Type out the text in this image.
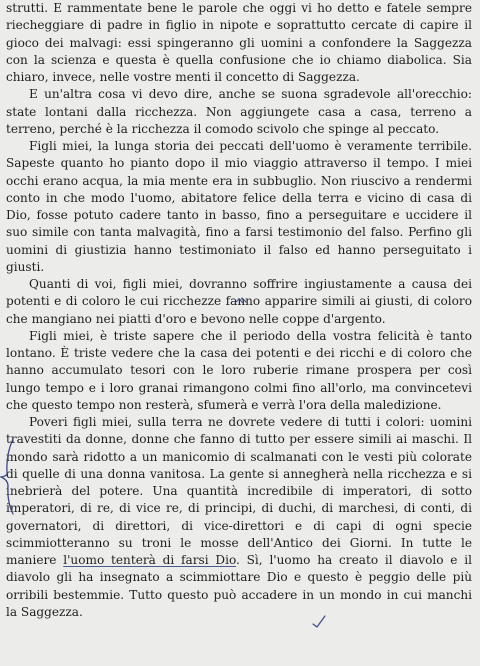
strutti. E rammentate bene le parole che oggi vi ho detto e fatele sempre riecheggiare di padre in figlio in nipote e soprattutto cercate di capire il gioco dei malvagi: essi spingeranno gli uomini a confondere la Saggezza con la scienza e questa è quella confusione che io chiamo diabolica. Sia chiaro, invece, nelle vostre menti il concetto di Saggezza.

E un'altra cosa vi devo dire, anche se suona sgradevole all'orecchio: state lontani dalla ricchezza. Non aggiungete casa a casa, terreno a terreno, perché è la ricchezza il comodo scivolo che spinge al peccato.

Figli miei, la lunga storia dei peccati dell'uomo è veramente terribile. Sapeste quanto ho pianto dopo il mio viaggio attraverso il tempo. I miei occhi erano acqua, la mia mente era in subbuglio. Non riuscivo a rendermi conto in che modo l'uomo, abitatore felice della terra e vicino di casa di Dio, fosse potuto cadere tanto in basso, fino a perseguitare e uccidere il suo simile con tanta malvagità, fino a farsi testimonio del falso. Perfino gli uomini di giustizia hanno testimoniato il falso ed hanno perseguitato i giusti.

Quanti di voi, figli miei, dovranno soffrire ingiustamente a causa dei potenti e di coloro le cui ricchezze fanno apparire simili ai giusti, di coloro che mangiano nei piatti d'oro e bevono nelle coppe d'argento.

Figli miei, è triste sapere che il periodo della vostra felicità è tanto lontano. È triste vedere che la casa dei potenti e dei ricchi e di coloro che hanno accumulato tesori con le loro ruberie rimane prospera per così lungo tempo e i loro granai rimangono colmi fino all'orlo, ma convincetevi che questo tempo non resterà, sfumerà e verrà l'ora della maledizione.

Poveri figli miei, sulla terra ne dovrete vedere di tutti i colori: uomini travestiti da donne, donne che fanno di tutto per essere simili ai maschi. Il mondo sarà ridotto a un manicomio di scalmanati con le vesti più colorate di quelle di una donna vanitosa. La gente si annegherà nella ricchezza e si inebrierà del potere. Una quantità incredibile di imperatori, di sotto imperatori, di re, di vice re, di principi, di duchi, di marchesi, di conti, di governatori, di direttori, di vice-direttori e di capi di ogni specie scimmiotteranno su troni le mosse dell'Antico dei Giorni. In tutte le maniere l'uomo tenterà di farsi Dio. Sì, l'uomo ha creato il diavolo e il diavolo gli ha insegnato a scimmiottare Dio e questo è peggio delle più orribili bestemmie. Tutto questo può accadere in un mondo in cui manchi la Saggezza.
